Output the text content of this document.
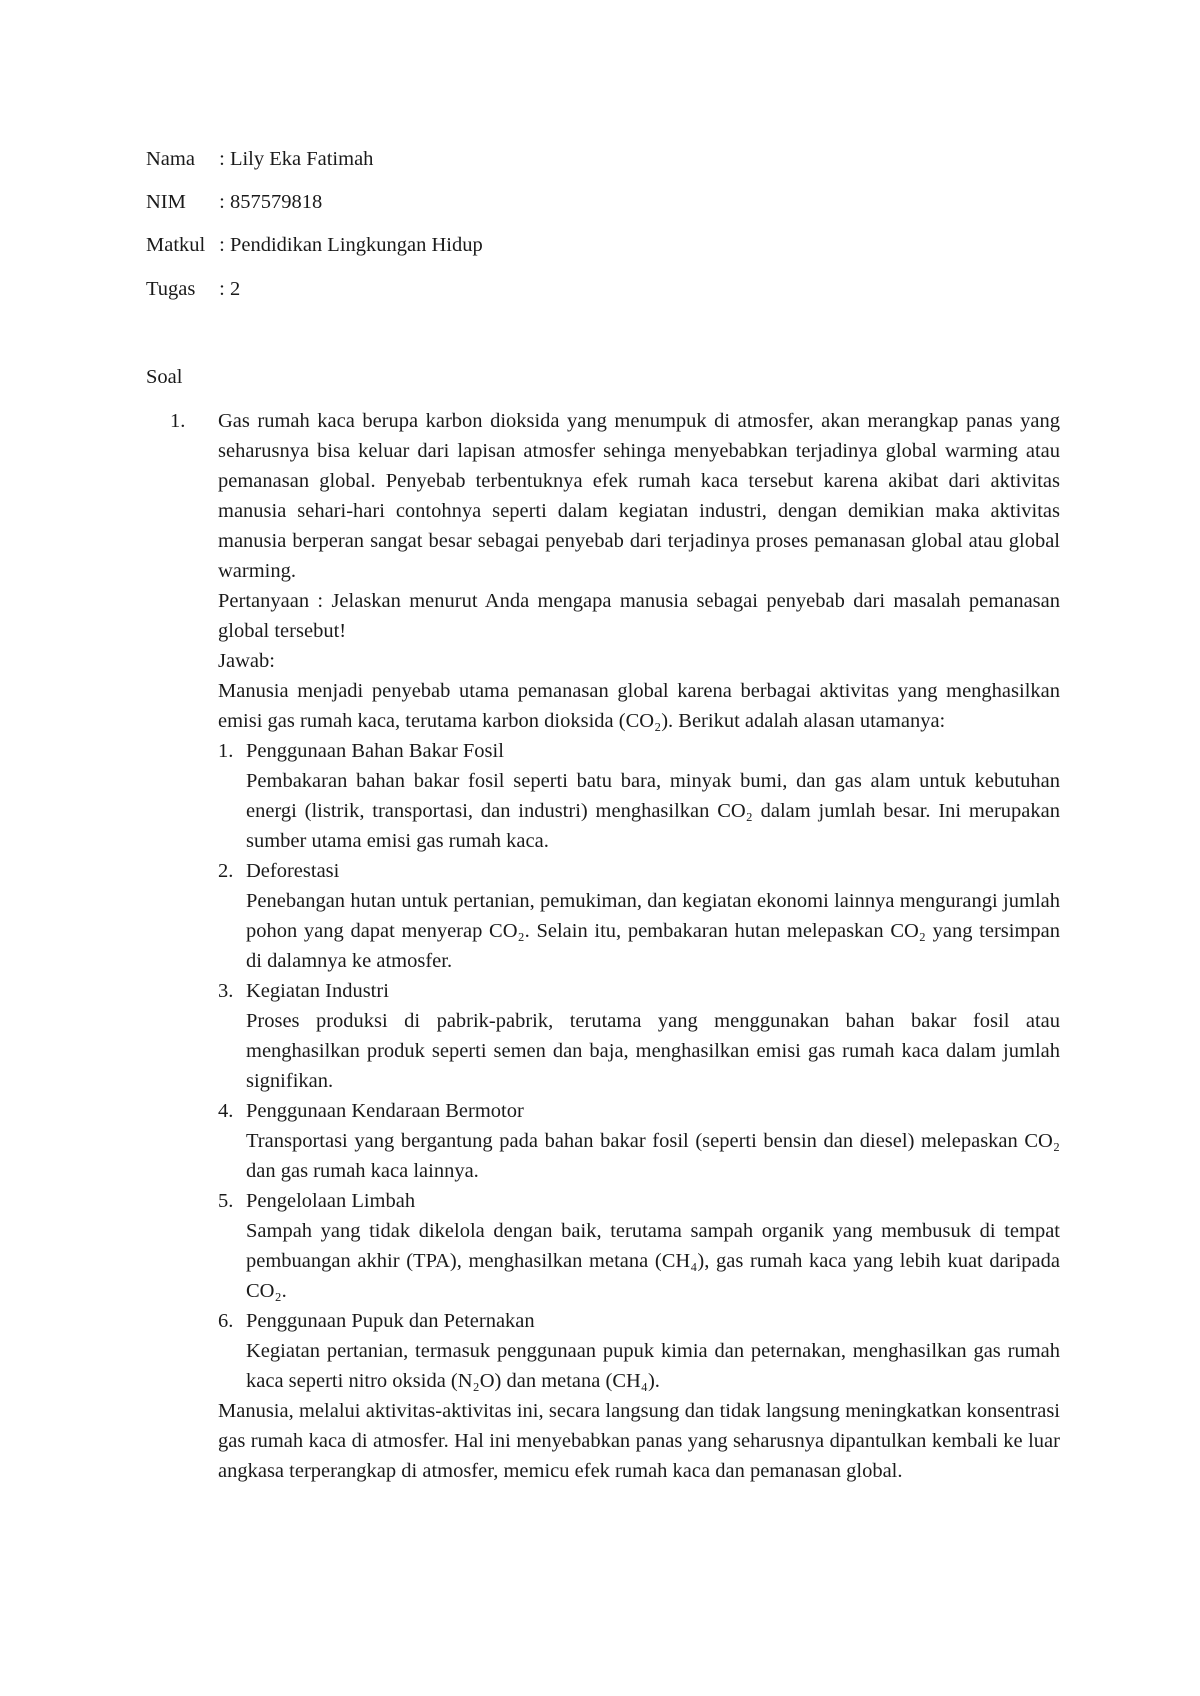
Nama : Lily Eka Fatimah
NIM : 857579818
Matkul : Pendidikan Lingkungan Hidup
Tugas : 2
Soal
1. Gas rumah kaca berupa karbon dioksida yang menumpuk di atmosfer, akan merangkap panas yang seharusnya bisa keluar dari lapisan atmosfer sehinga menyebabkan terjadinya global warming atau pemanasan global. Penyebab terbentuknya efek rumah kaca tersebut karena akibat dari aktivitas manusia sehari-hari contohnya seperti dalam kegiatan industri, dengan demikian maka aktivitas manusia berperan sangat besar sebagai penyebab dari terjadinya proses pemanasan global atau global warming.
Pertanyaan : Jelaskan menurut Anda mengapa manusia sebagai penyebab dari masalah pemanasan global tersebut!
Jawab:
Manusia menjadi penyebab utama pemanasan global karena berbagai aktivitas yang menghasilkan emisi gas rumah kaca, terutama karbon dioksida (CO₂). Berikut adalah alasan utamanya:
1. Penggunaan Bahan Bakar Fosil
Pembakaran bahan bakar fosil seperti batu bara, minyak bumi, dan gas alam untuk kebutuhan energi (listrik, transportasi, dan industri) menghasilkan CO₂ dalam jumlah besar. Ini merupakan sumber utama emisi gas rumah kaca.
2. Deforestasi
Penebangan hutan untuk pertanian, pemukiman, dan kegiatan ekonomi lainnya mengurangi jumlah pohon yang dapat menyerap CO₂. Selain itu, pembakaran hutan melepaskan CO₂ yang tersimpan di dalamnya ke atmosfer.
3. Kegiatan Industri
Proses produksi di pabrik-pabrik, terutama yang menggunakan bahan bakar fosil atau menghasilkan produk seperti semen dan baja, menghasilkan emisi gas rumah kaca dalam jumlah signifikan.
4. Penggunaan Kendaraan Bermotor
Transportasi yang bergantung pada bahan bakar fosil (seperti bensin dan diesel) melepaskan CO₂ dan gas rumah kaca lainnya.
5. Pengelolaan Limbah
Sampah yang tidak dikelola dengan baik, terutama sampah organik yang membusuk di tempat pembuangan akhir (TPA), menghasilkan metana (CH₄), gas rumah kaca yang lebih kuat daripada CO₂.
6. Penggunaan Pupuk dan Peternakan
Kegiatan pertanian, termasuk penggunaan pupuk kimia dan peternakan, menghasilkan gas rumah kaca seperti nitro oksida (N₂O) dan metana (CH₄).
Manusia, melalui aktivitas-aktivitas ini, secara langsung dan tidak langsung meningkatkan konsentrasi gas rumah kaca di atmosfer. Hal ini menyebabkan panas yang seharusnya dipantulkan kembali ke luar angkasa terperangkap di atmosfer, memicu efek rumah kaca dan pemanasan global.
